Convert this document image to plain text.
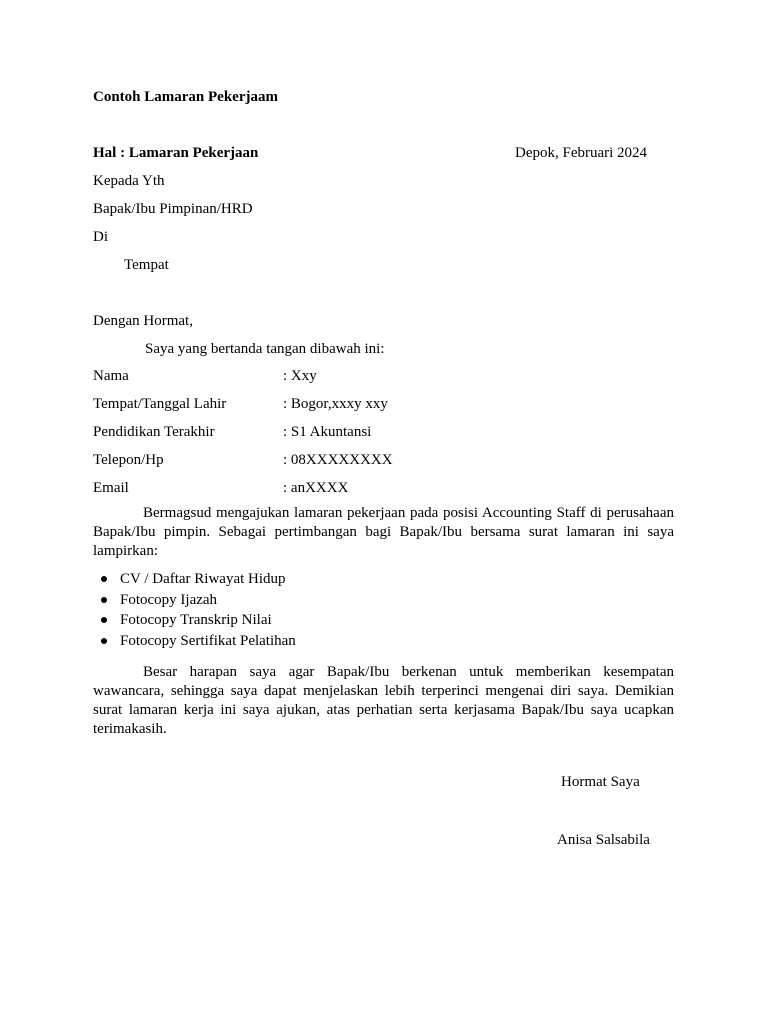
Contoh Lamaran Pekerjaam
Hal : Lamaran Pekerjaan	Depok, Februari 2024
Kepada Yth
Bapak/Ibu Pimpinan/HRD
Di
Tempat
Dengan Hormat,
Saya yang bertanda tangan dibawah ini:
Nama	: Xxy
Tempat/Tanggal Lahir	: Bogor,xxxy xxy
Pendidikan Terakhir	: S1 Akuntansi
Telepon/Hp	: 08XXXXXXXX
Email	: anXXXX
Bermagsud mengajukan lamaran pekerjaan pada posisi Accounting Staff di perusahaan Bapak/Ibu pimpin. Sebagai pertimbangan bagi Bapak/Ibu bersama surat lamaran ini saya lampirkan:
CV / Daftar Riwayat Hidup
Fotocopy Ijazah
Fotocopy Transkrip Nilai
Fotocopy Sertifikat Pelatihan
Besar harapan saya agar Bapak/Ibu berkenan untuk memberikan kesempatan wawancara, sehingga saya dapat menjelaskan lebih terperinci mengenai diri saya. Demikian surat lamaran kerja ini saya ajukan, atas perhatian serta kerjasama Bapak/Ibu saya ucapkan terimakasih.
Hormat Saya
Anisa Salsabila
